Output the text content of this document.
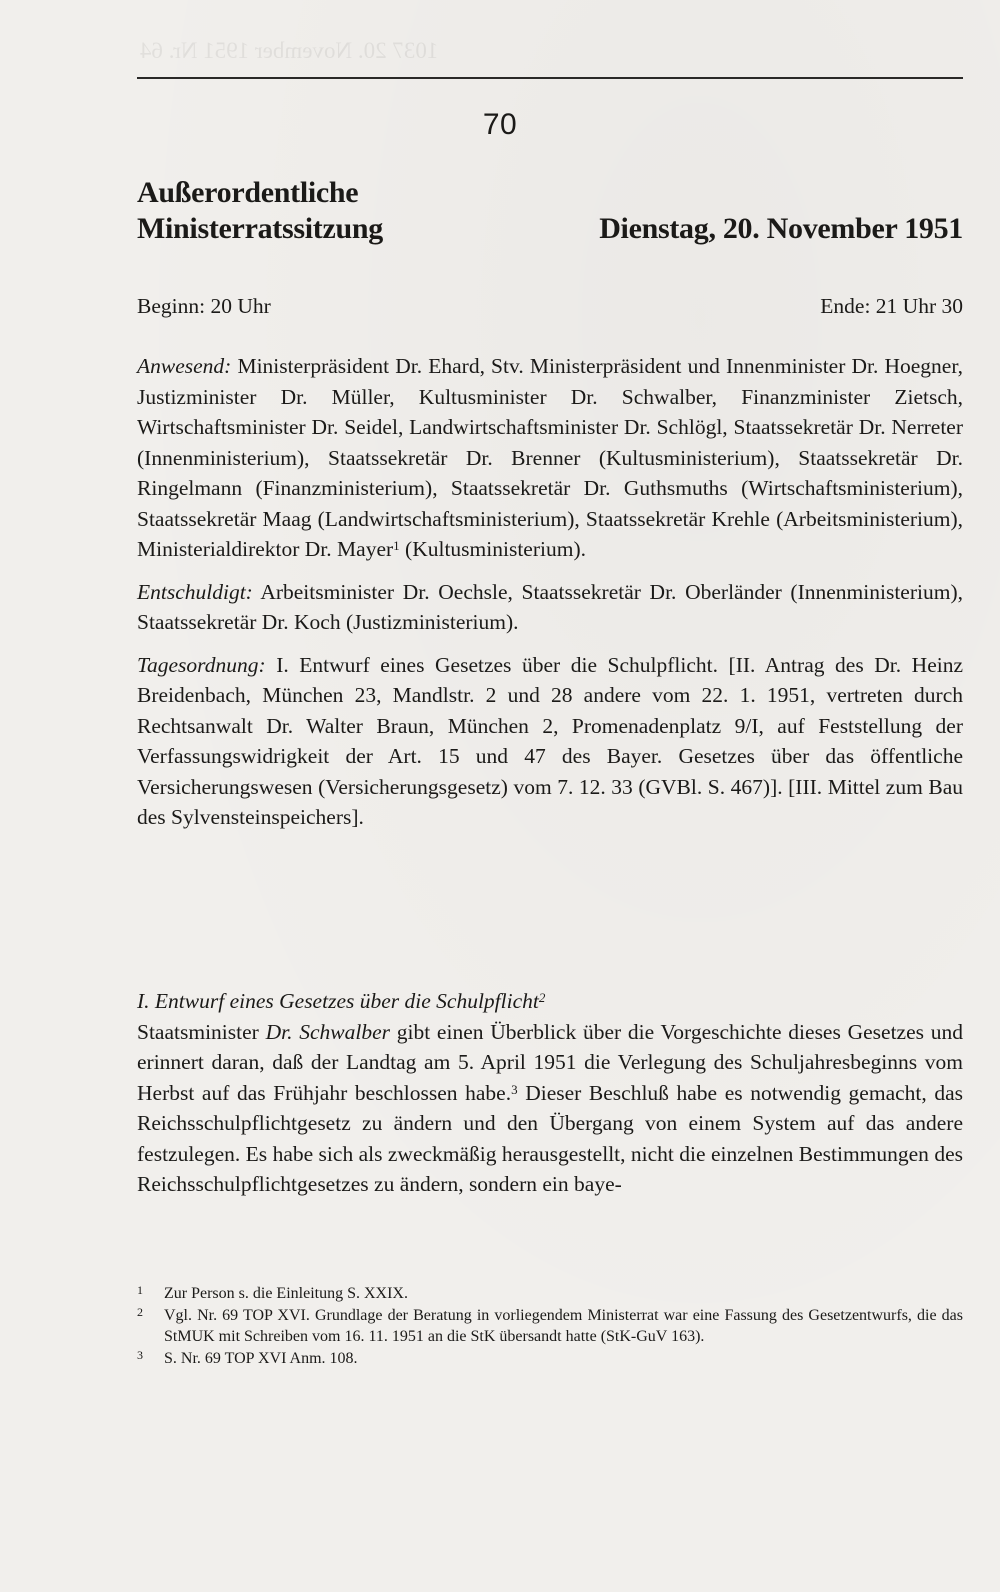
1037 20. November 1951 Nr. 64
70
Außerordentliche
Ministerratssitzung	Dienstag, 20. November 1951
Beginn: 20 Uhr	Ende: 21 Uhr 30

Anwesend: Ministerpräsident Dr. Ehard, Stv. Ministerpräsident und Innenminister Dr. Hoegner, Justizminister Dr. Müller, Kultusminister Dr. Schwalber, Finanzminister Zietsch, Wirtschaftsminister Dr. Seidel, Landwirtschaftsminister Dr. Schlögl, Staatssekretär Dr. Nerreter (Innenministerium), Staatssekretär Dr. Brenner (Kultusministerium), Staatssekretär Dr. Ringelmann (Finanzministerium), Staatssekretär Dr. Guthsmuths (Wirtschaftsministerium), Staatssekretär Maag (Landwirtschaftsministerium), Staatssekretär Krehle (Arbeitsministerium), Ministerialdirektor Dr. Mayer$^1$ (Kultusministerium).

Entschuldigt: Arbeitsminister Dr. Oechsle, Staatssekretär Dr. Oberländer (Innenministerium), Staatssekretär Dr. Koch (Justizministerium).

Tagesordnung: I. Entwurf eines Gesetzes über die Schulpflicht. [II. Antrag des Dr. Heinz Breidenbach, München 23, Mandlstr. 2 und 28 andere vom 22. 1. 1951, vertreten durch Rechtsanwalt Dr. Walter Braun, München 2, Promenadenplatz 9/I, auf Feststellung der Verfassungswidrigkeit der Art. 15 und 47 des Bayer. Gesetzes über das öffentliche Versicherungswesen (Versicherungsgesetz) vom 7. 12. 33 (GVBl. S. 467)]. [III. Mittel zum Bau des Sylvensteinspeichers].

I. Entwurf eines Gesetzes über die Schulpflicht$^2$
Staatsminister Dr. Schwalber gibt einen Überblick über die Vorgeschichte dieses Gesetzes und erinnert daran, daß der Landtag am 5. April 1951 die Verlegung des Schuljahresbeginns vom Herbst auf das Frühjahr beschlossen habe.$^3$ Dieser Beschluß habe es notwendig gemacht, das Reichsschulpflichtgesetz zu ändern und den Übergang von einem System auf das andere festzulegen. Es habe sich als zweckmäßig herausgestellt, nicht die einzelnen Bestimmungen des Reichsschulpflichtgesetzes zu ändern, sondern ein baye-
1	Zur Person s. die Einleitung S. XXIX.
2	Vgl. Nr. 69 TOP XVI. Grundlage der Beratung in vorliegendem Ministerrat war eine Fassung des Gesetzentwurfs, die das StMUK mit Schreiben vom 16. 11. 1951 an die StK übersandt hatte (StK-GuV 163).
3	S. Nr. 69 TOP XVI Anm. 108.
